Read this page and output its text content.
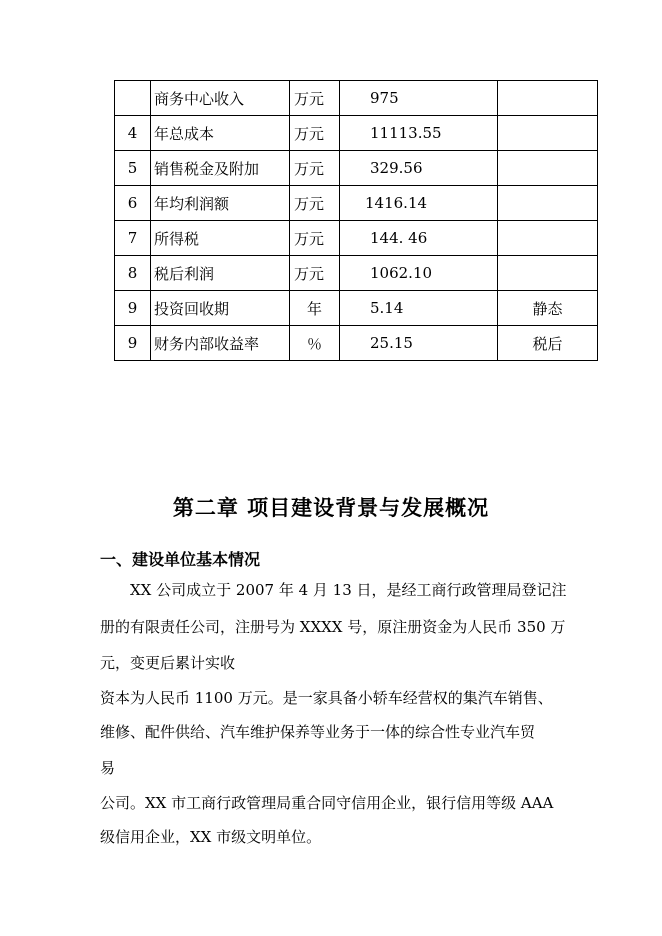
	商务中心收入	万元	975	
4	年总成本	万元	11113.55	
5	销售税金及附加	万元	329.56	
6	年均利润额	万元	1416.14	
7	所得税	万元	144. 46	
8	税后利润	万元	1062.10	
9	投资回收期	年	5.14	静态
9	财务内部收益率	％	25.15	税后
第二章 项目建设背景与发展概况
一、建设单位基本情况
XX 公司成立于 2007 年 4 月 13 日，是经工商行政管理局登记注
册的有限责任公司，注册号为 XXXX 号，原注册资金为人民币 350 万
元，变更后累计实收
资本为人民币 1100 万元。是一家具备小轿车经营权的集汽车销售、
维修、配件供给、汽车维护保养等业务于一体的综合性专业汽车贸
易
公司。XX 市工商行政管理局重合同守信用企业，银行信用等级 AAA
级信用企业，XX 市级文明单位。
